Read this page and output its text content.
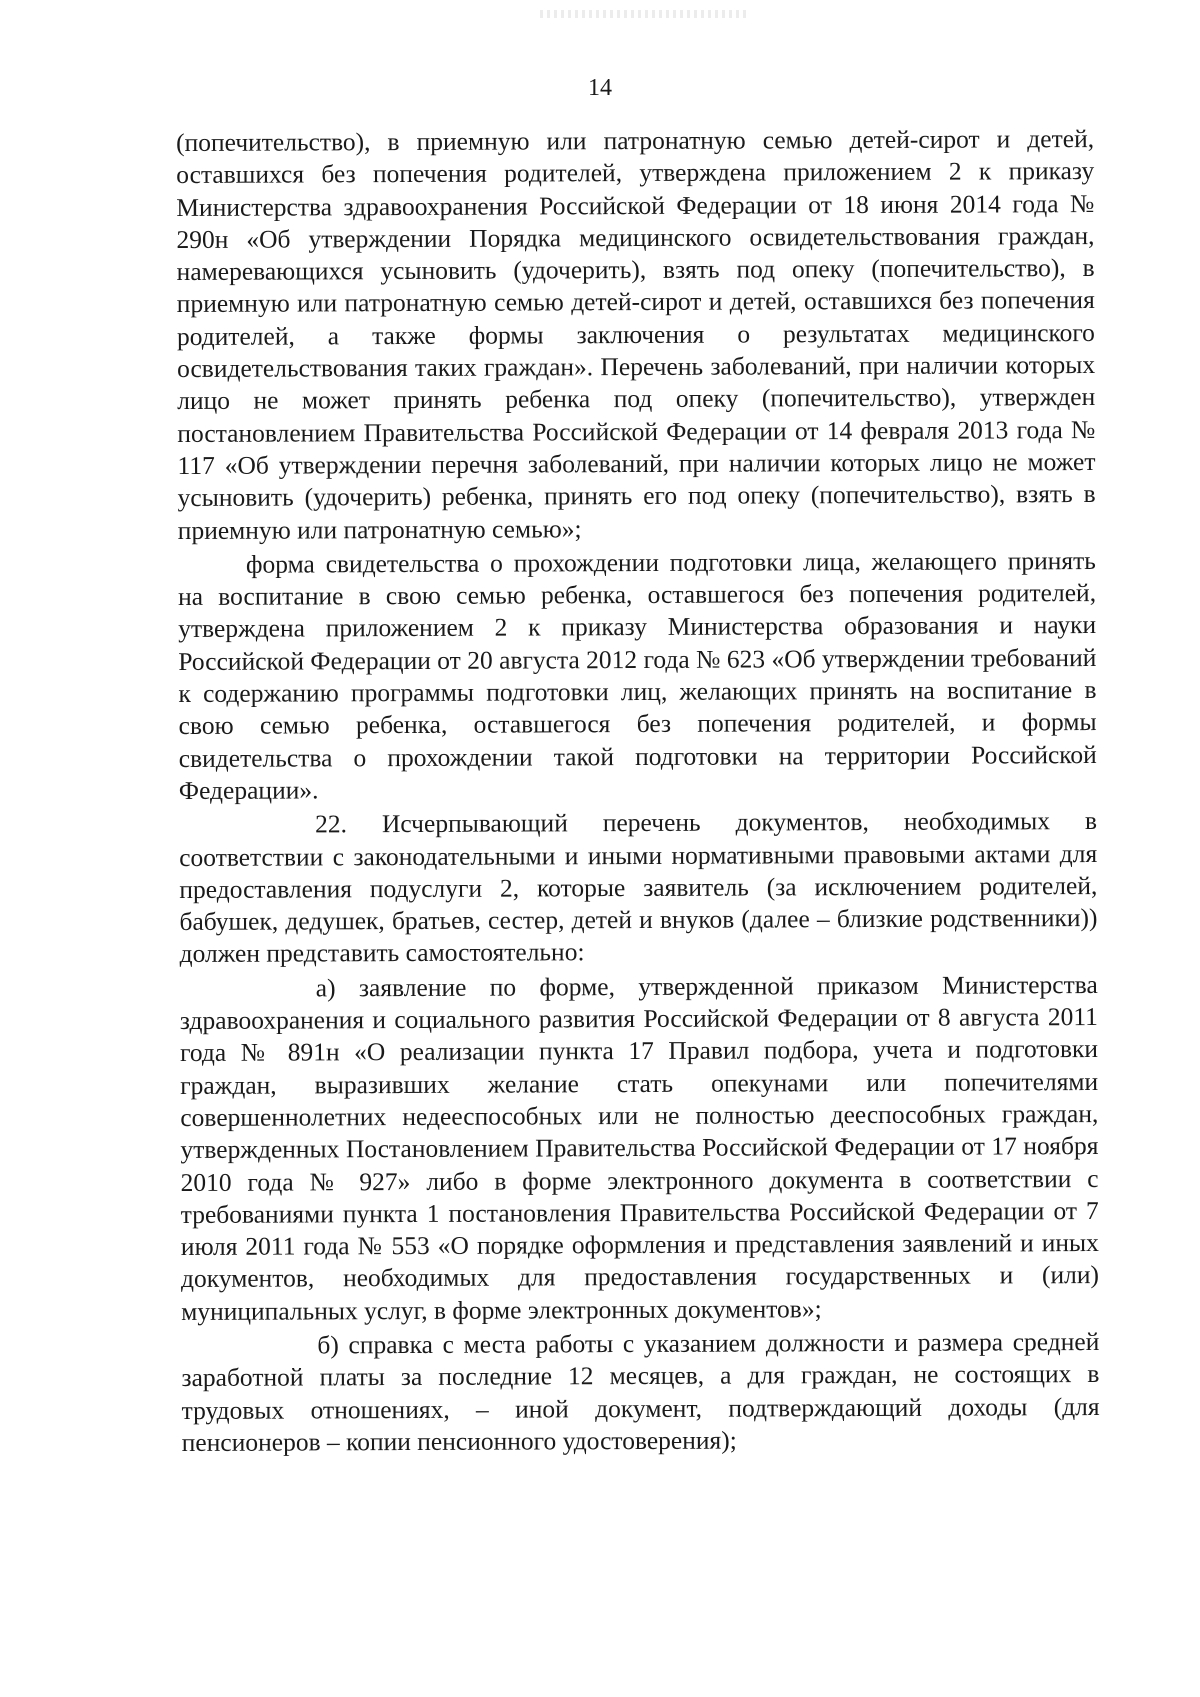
14

(попечительство), в приемную или патронатную семью детей-сирот и детей, оставшихся без попечения родителей, утверждена приложением 2 к приказу Министерства здравоохранения Российской Федерации от 18 июня 2014 года № 290н «Об утверждении Порядка медицинского освидетельствования граждан, намеревающихся усыновить (удочерить), взять под опеку (попечительство), в приемную или патронатную семью детей-сирот и детей, оставшихся без попечения родителей, а также формы заключения о результатах медицинского освидетельствования таких граждан». Перечень заболеваний, при наличии которых лицо не может принять ребенка под опеку (попечительство), утвержден постановлением Правительства Российской Федерации от 14 февраля 2013 года № 117 «Об утверждении перечня заболеваний, при наличии которых лицо не может усыновить (удочерить) ребенка, принять его под опеку (попечительство), взять в приемную или патронатную семью»;

форма свидетельства о прохождении подготовки лица, желающего принять на воспитание в свою семью ребенка, оставшегося без попечения родителей, утверждена приложением 2 к приказу Министерства образования и науки Российской Федерации от 20 августа 2012 года № 623 «Об утверждении требований к содержанию программы подготовки лиц, желающих принять на воспитание в свою семью ребенка, оставшегося без попечения родителей, и формы свидетельства о прохождении такой подготовки на территории Российской Федерации».

22. Исчерпывающий перечень документов, необходимых в соответствии с законодательными и иными нормативными правовыми актами для предоставления подуслуги 2, которые заявитель (за исключением родителей, бабушек, дедушек, братьев, сестер, детей и внуков (далее – близкие родственники)) должен представить самостоятельно:

а) заявление по форме, утвержденной приказом Министерства здравоохранения и социального развития Российской Федерации от 8 августа 2011 года № 891н «О реализации пункта 17 Правил подбора, учета и подготовки граждан, выразивших желание стать опекунами или попечителями совершеннолетних недееспособных или не полностью дееспособных граждан, утвержденных Постановлением Правительства Российской Федерации от 17 ноября 2010 года № 927» либо в форме электронного документа в соответствии с требованиями пункта 1 постановления Правительства Российской Федерации от 7 июля 2011 года № 553 «О порядке оформления и представления заявлений и иных документов, необходимых для предоставления государственных и (или) муниципальных услуг, в форме электронных документов»;

б) справка с места работы с указанием должности и размера средней заработной платы за последние 12 месяцев, а для граждан, не состоящих в трудовых отношениях, – иной документ, подтверждающий доходы (для пенсионеров – копии пенсионного удостоверения);
